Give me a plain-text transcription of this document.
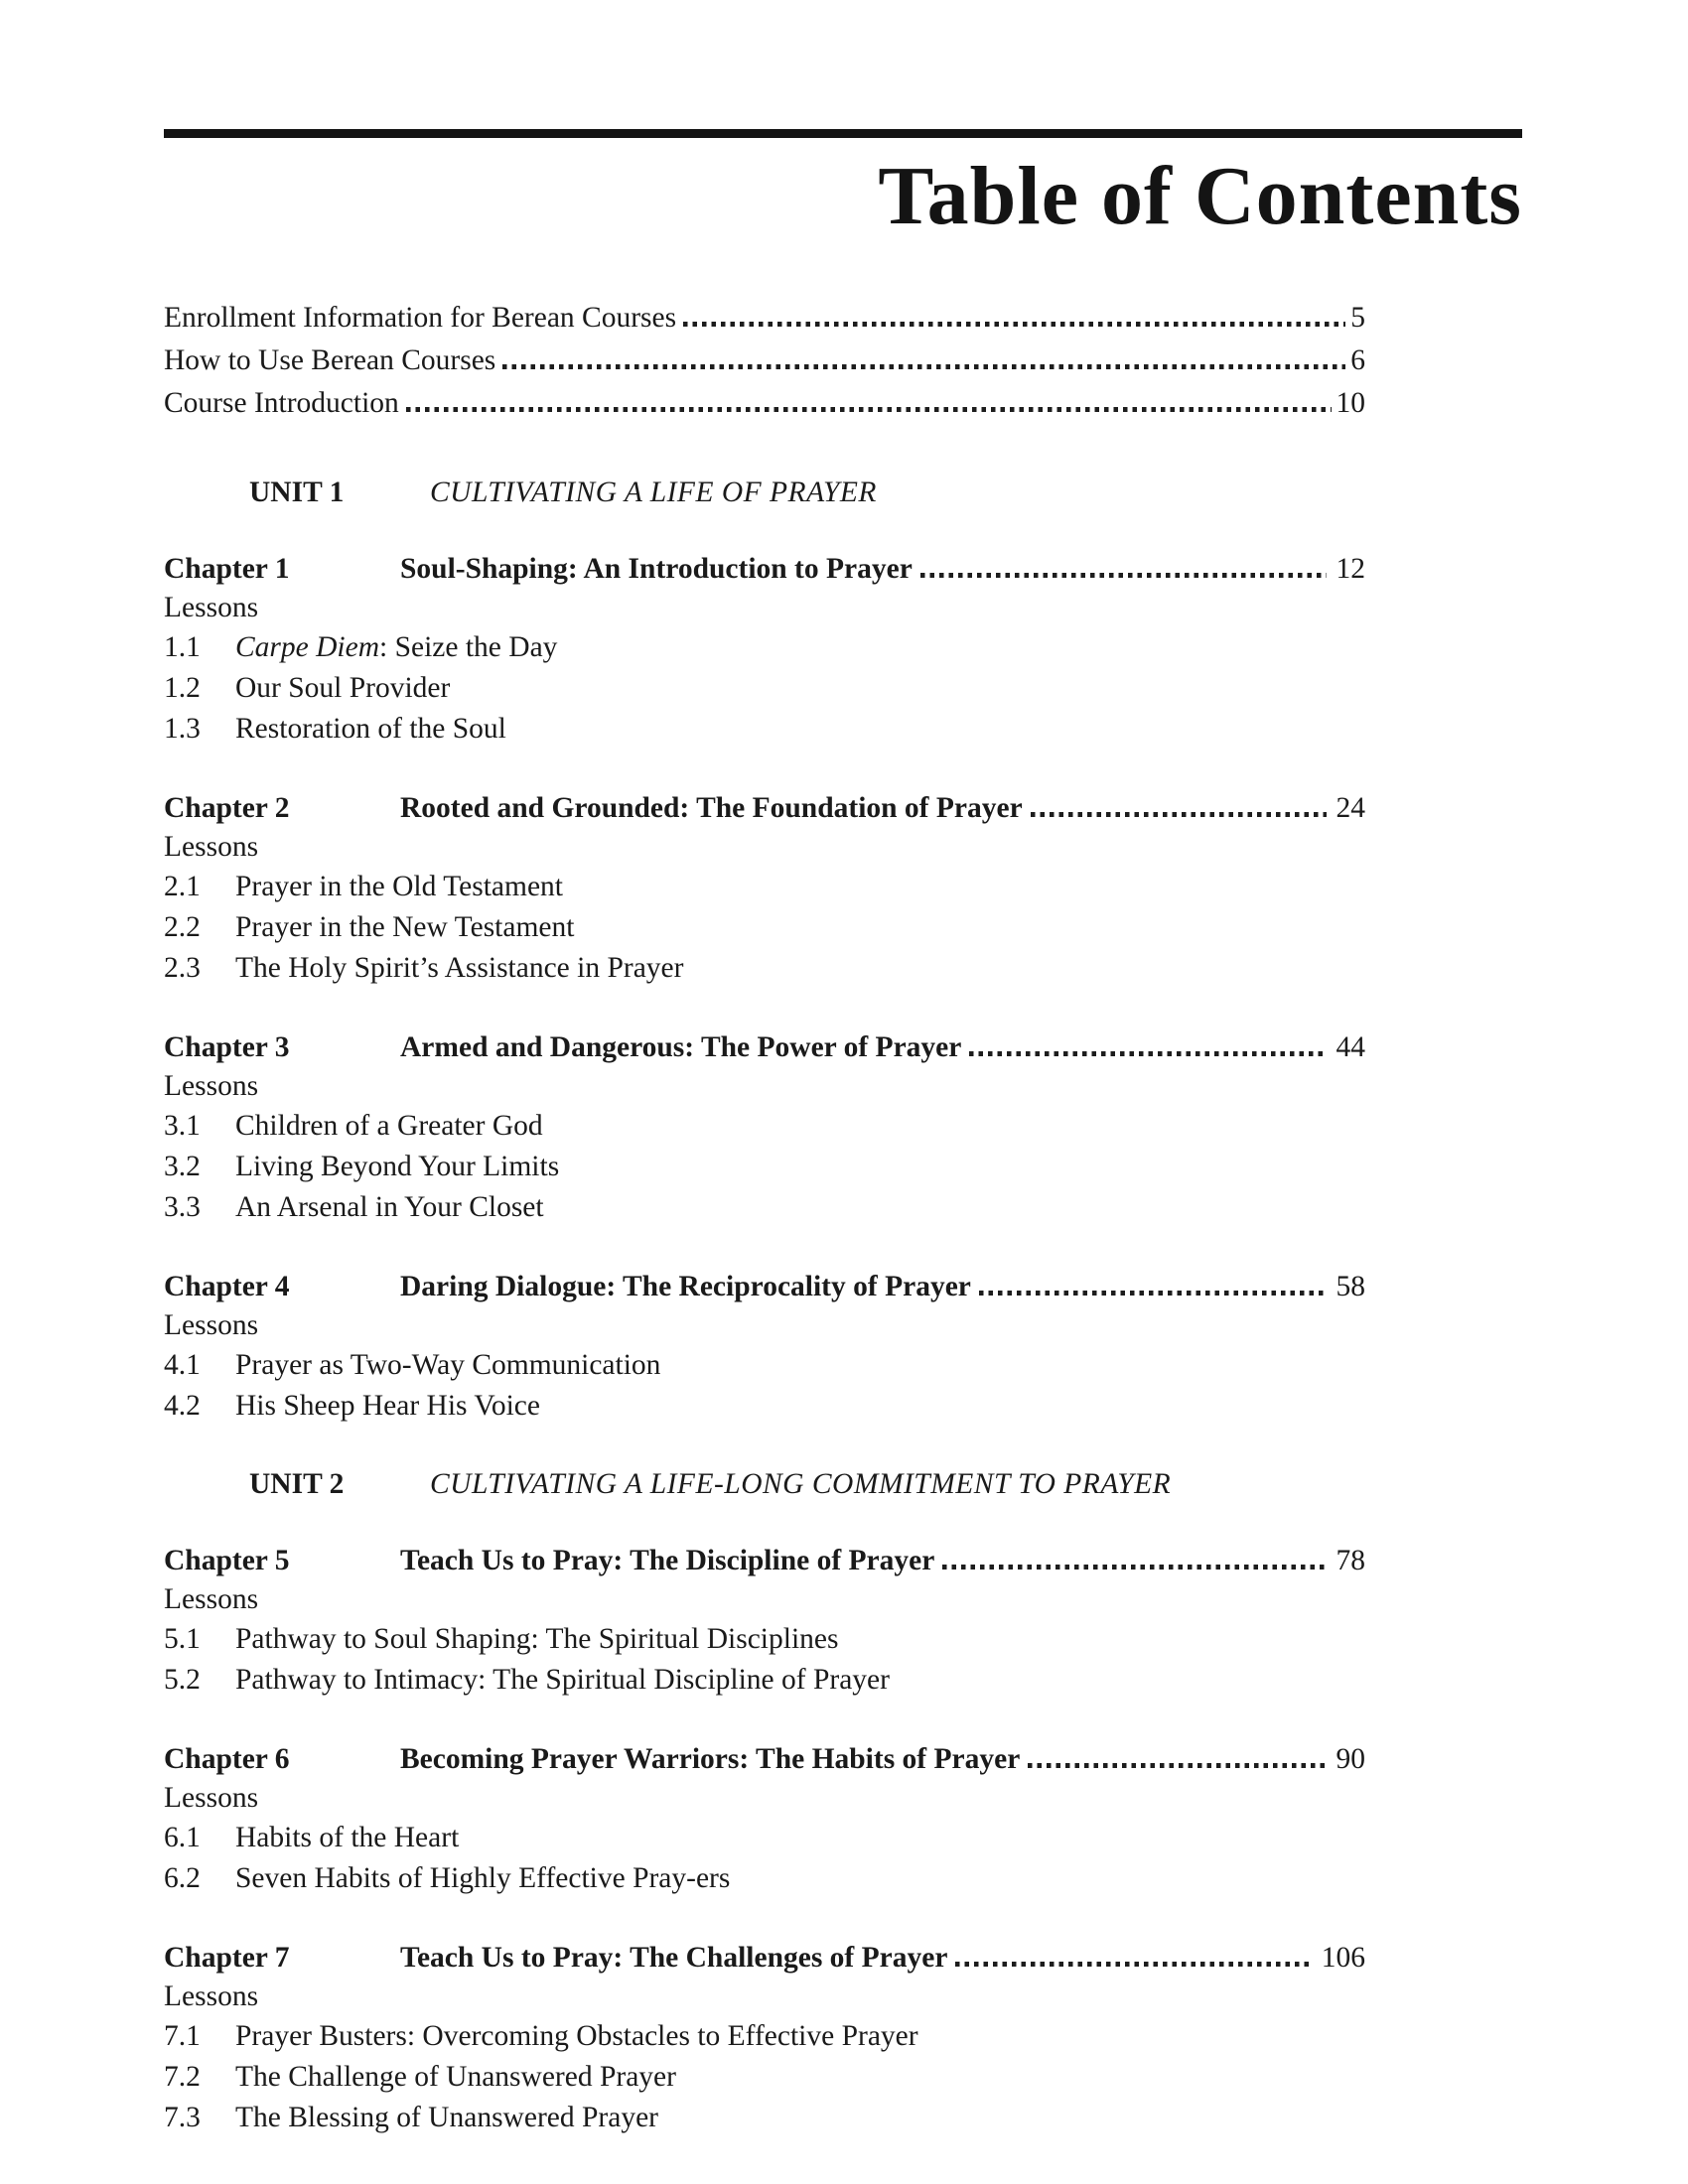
Table of Contents
Enrollment Information for Berean Courses	5
How to Use Berean Courses	6
Course Introduction	10
UNIT 1	CULTIVATING A LIFE OF PRAYER
Chapter 1	Soul-Shaping: An Introduction to Prayer	12
Lessons
1.1	Carpe Diem: Seize the Day
1.2	Our Soul Provider
1.3	Restoration of the Soul
Chapter 2	Rooted and Grounded: The Foundation of Prayer	24
Lessons
2.1	Prayer in the Old Testament
2.2	Prayer in the New Testament
2.3	The Holy Spirit’s Assistance in Prayer
Chapter 3	Armed and Dangerous: The Power of Prayer	44
Lessons
3.1	Children of a Greater God
3.2	Living Beyond Your Limits
3.3	An Arsenal in Your Closet
Chapter 4	Daring Dialogue: The Reciprocality of Prayer	58
Lessons
4.1	Prayer as Two-Way Communication
4.2	His Sheep Hear His Voice
UNIT 2	CULTIVATING A LIFE-LONG COMMITMENT TO PRAYER
Chapter 5	Teach Us to Pray: The Discipline of Prayer	78
Lessons
5.1	Pathway to Soul Shaping: The Spiritual Disciplines
5.2	Pathway to Intimacy: The Spiritual Discipline of Prayer
Chapter 6	Becoming Prayer Warriors: The Habits of Prayer	90
Lessons
6.1	Habits of the Heart
6.2	Seven Habits of Highly Effective Pray-ers
Chapter 7	Teach Us to Pray: The Challenges of Prayer	106
Lessons
7.1	Prayer Busters: Overcoming Obstacles to Effective Prayer
7.2	The Challenge of Unanswered Prayer
7.3	The Blessing of Unanswered Prayer
